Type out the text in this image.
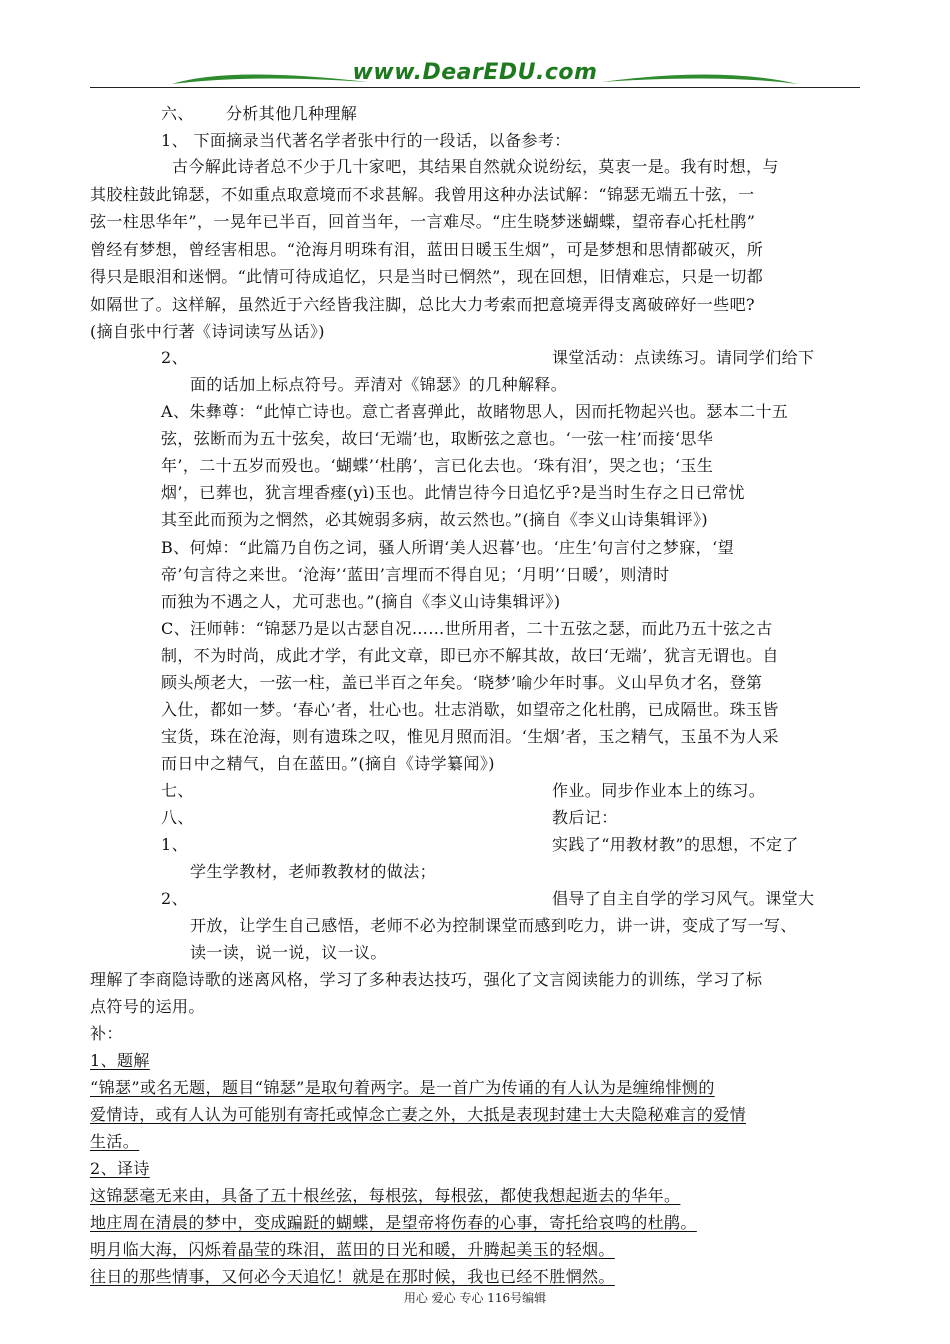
www.DearEDU.com
六、 分析其他几种理解
1、 下面摘录当代著名学者张中行的一段话，以备参考：
古今解此诗者总不少于几十家吧，其结果自然就众说纷纭，莫衷一是。我有时想，与
其胶柱鼓此锦瑟，不如重点取意境而不求甚解。我曾用这种办法试解：“锦瑟无端五十弦，一
弦一柱思华年”，一晃年已半百，回首当年，一言难尽。“庄生晓梦迷蝴蝶，望帝春心托杜鹃”
曾经有梦想，曾经害相思。“沧海月明珠有泪，蓝田日暖玉生烟”，可是梦想和思情都破灭，所
得只是眼泪和迷惘。“此情可待成追忆，只是当时已惘然”，现在回想，旧情难忘，只是一切都
如隔世了。这样解，虽然近于六经皆我注脚，总比大力考索而把意境弄得支离破碎好一些吧?
(摘自张中行著《诗词读写丛话》)
2、	课堂活动：点读练习。请同学们给下
面的话加上标点符号。弄清对《锦瑟》的几种解释。
A、朱彝尊：“此悼亡诗也。意亡者喜弹此，故睹物思人，因而托物起兴也。瑟本二十五
弦，弦断而为五十弦矣，故曰‘无端’也，取断弦之意也。‘一弦一柱’而接‘思华
年’，二十五岁而殁也。‘蝴蝶’‘杜鹃’，言已化去也。‘珠有泪’，哭之也；‘玉生
烟’，已葬也，犹言埋香瘗(yì)玉也。此情岂待今日追忆乎?是当时生存之日已常忧
其至此而预为之惘然，必其婉弱多病，故云然也。”(摘自《李义山诗集辑评》)
B、何焯：“此篇乃自伤之词，骚人所谓‘美人迟暮’也。‘庄生’句言付之梦寐，‘望
帝’句言待之来世。‘沧海’‘蓝田’言埋而不得自见；‘月明’‘日暖’，则清时
而独为不遇之人，尤可悲也。”(摘自《李义山诗集辑评》)
C、汪师韩：“锦瑟乃是以古瑟自况……世所用者，二十五弦之瑟，而此乃五十弦之古
制，不为时尚，成此才学，有此文章，即已亦不解其故，故曰‘无端’，犹言无谓也。自
顾头颅老大，一弦一柱，盖已半百之年矣。‘晓梦’喻少年时事。义山早负才名，登第
入仕，都如一梦。‘春心’者，壮心也。壮志消歇，如望帝之化杜鹃，已成隔世。珠玉皆
宝货，珠在沧海，则有遗珠之叹，惟见月照而泪。‘生烟’者，玉之精气，玉虽不为人采
而日中之精气，自在蓝田。”(摘自《诗学纂闻》)
七、	作业。同步作业本上的练习。
八、	教后记：
1、	实践了“用教材教”的思想，不定了
学生学教材，老师教教材的做法；
2、	倡导了自主自学的学习风气。课堂大
开放，让学生自己感悟，老师不必为控制课堂而感到吃力，讲一讲，变成了写一写、
读一读，说一说，议一议。
理解了李商隐诗歌的迷离风格，学习了多种表达技巧，强化了文言阅读能力的训练，学习了标
点符号的运用。
补：
1、题解
“锦瑟”或名无题，题目“锦瑟”是取句着两字。是一首广为传诵的有人认为是缠绵悱恻的
爱情诗，或有人认为可能别有寄托或悼念亡妻之外，大抵是表现封建士大夫隐秘难言的爱情
生活。
2、译诗
这锦瑟毫无来由，具备了五十根丝弦，每根弦，每根弦，都使我想起逝去的华年。
地庄周在清晨的梦中，变成蹁跹的蝴蝶，是望帝将伤春的心事，寄托给哀鸣的杜鹃。
明月临大海，闪烁着晶莹的珠泪，蓝田的日光和暖，升腾起美玉的轻烟。
往日的那些情事，又何必今天追忆！就是在那时候，我也已经不胜惘然。
用心 爱心 专心 116号编辑
